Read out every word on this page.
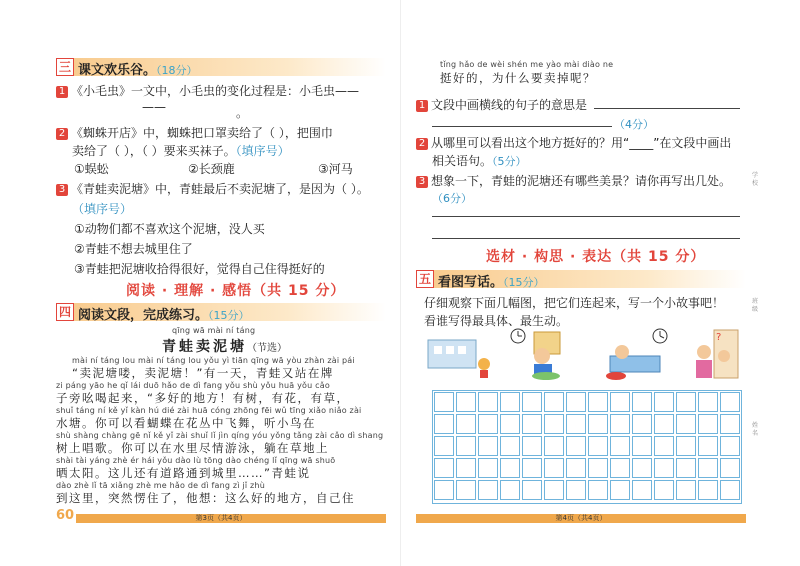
三 课文欢乐谷。（18分）
1 《小毛虫》一文中，小毛虫的变化过程是：小毛虫——
——	。
2 《蜘蛛开店》中，蜘蛛把口罩卖给了（ ），把围巾
卖给了（ ），（ ）要来买袜子。（填序号）
①蜈蚣	②长颈鹿	③河马
3 《青蛙卖泥塘》中，青蛙最后不卖泥塘了，是因为（ ）。
（填序号）
①动物们都不喜欢这个泥塘，没人买
②青蛙不想去城里住了
③青蛙把泥塘收拾得很好，觉得自己住得挺好的
阅读 · 理解 · 感悟（共 15 分）
四 阅读文段，完成练习。（15分）
qīng wā mài ní táng
青蛙卖泥塘（节选）
mài ní táng lou mài ní táng lou yǒu yì tiān qīng wā yòu zhàn zài pái
“卖泥塘喽，卖泥塘！”有一天，青蛙又站在牌
zi páng yāo he qǐ lái duō hǎo de dì fang yǒu shù yǒu huā yǒu cǎo
子旁吆喝起来，“多好的地方！有树，有花，有草，
shuǐ táng ní kě yǐ kàn hú dié zài huā cóng zhōng fēi wǔ tīng xiǎo niǎo zài
水塘。你可以看蝴蝶在花丛中飞舞，听小鸟在
shù shàng chàng gē nǐ kě yǐ zài shuǐ lǐ jìn qíng yóu yǒng tǎng zài cǎo dì shang
树上唱歌。你可以在水里尽情游泳，躺在草地上
shài tài yáng zhè ér hái yǒu dào lù tōng dào chéng lǐ qīng wā shuō
晒太阳。这儿还有道路通到城里……”青蛙说
dào zhè lǐ tā xiǎng zhè me hǎo de dì fang zì jǐ zhù
到这里，突然愣住了，他想：这么好的地方，自己住
第3页（共4页）
60
tǐng hǎo de wèi shén me yào mài diào ne
挺好的，为什么要卖掉呢？
1 文段中画横线的句子的意思是
（4分）
2 从哪里可以看出这个地方挺好的？用“____”在文段中画出
相关语句。（5分）
3 想象一下，青蛙的泥塘还有哪些美景？请你再写出几处。
（6分）
选材 · 构思 · 表达（共 15 分）
五 看图写话。（15分）
仔细观察下面几幅图，把它们连起来，写一个小故事吧！
看谁写得最具体、最生动。
?
第4页（共4页）
学
校
班
级
姓
名
